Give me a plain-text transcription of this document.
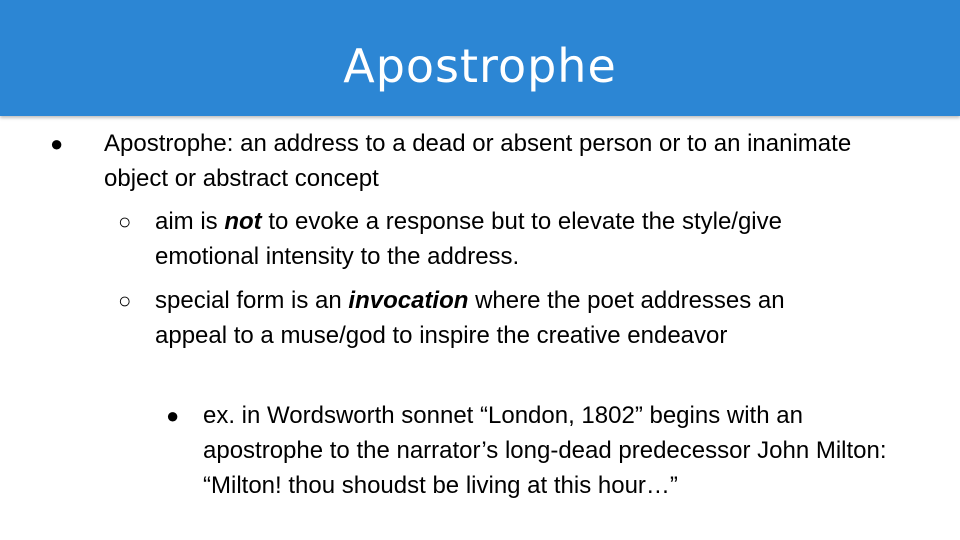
Apostrophe
● Apostrophe: an address to a dead or absent person or to an inanimate object or abstract concept

○ aim is not to evoke a response but to elevate the style/give emotional intensity to the address.

○ special form is an invocation where the poet addresses an appeal to a muse/god to inspire the creative endeavor

● ex. in Wordsworth sonnet “London, 1802” begins with an apostrophe to the narrator’s long-dead predecessor John Milton: “Milton! thou shoudst be living at this hour…”
